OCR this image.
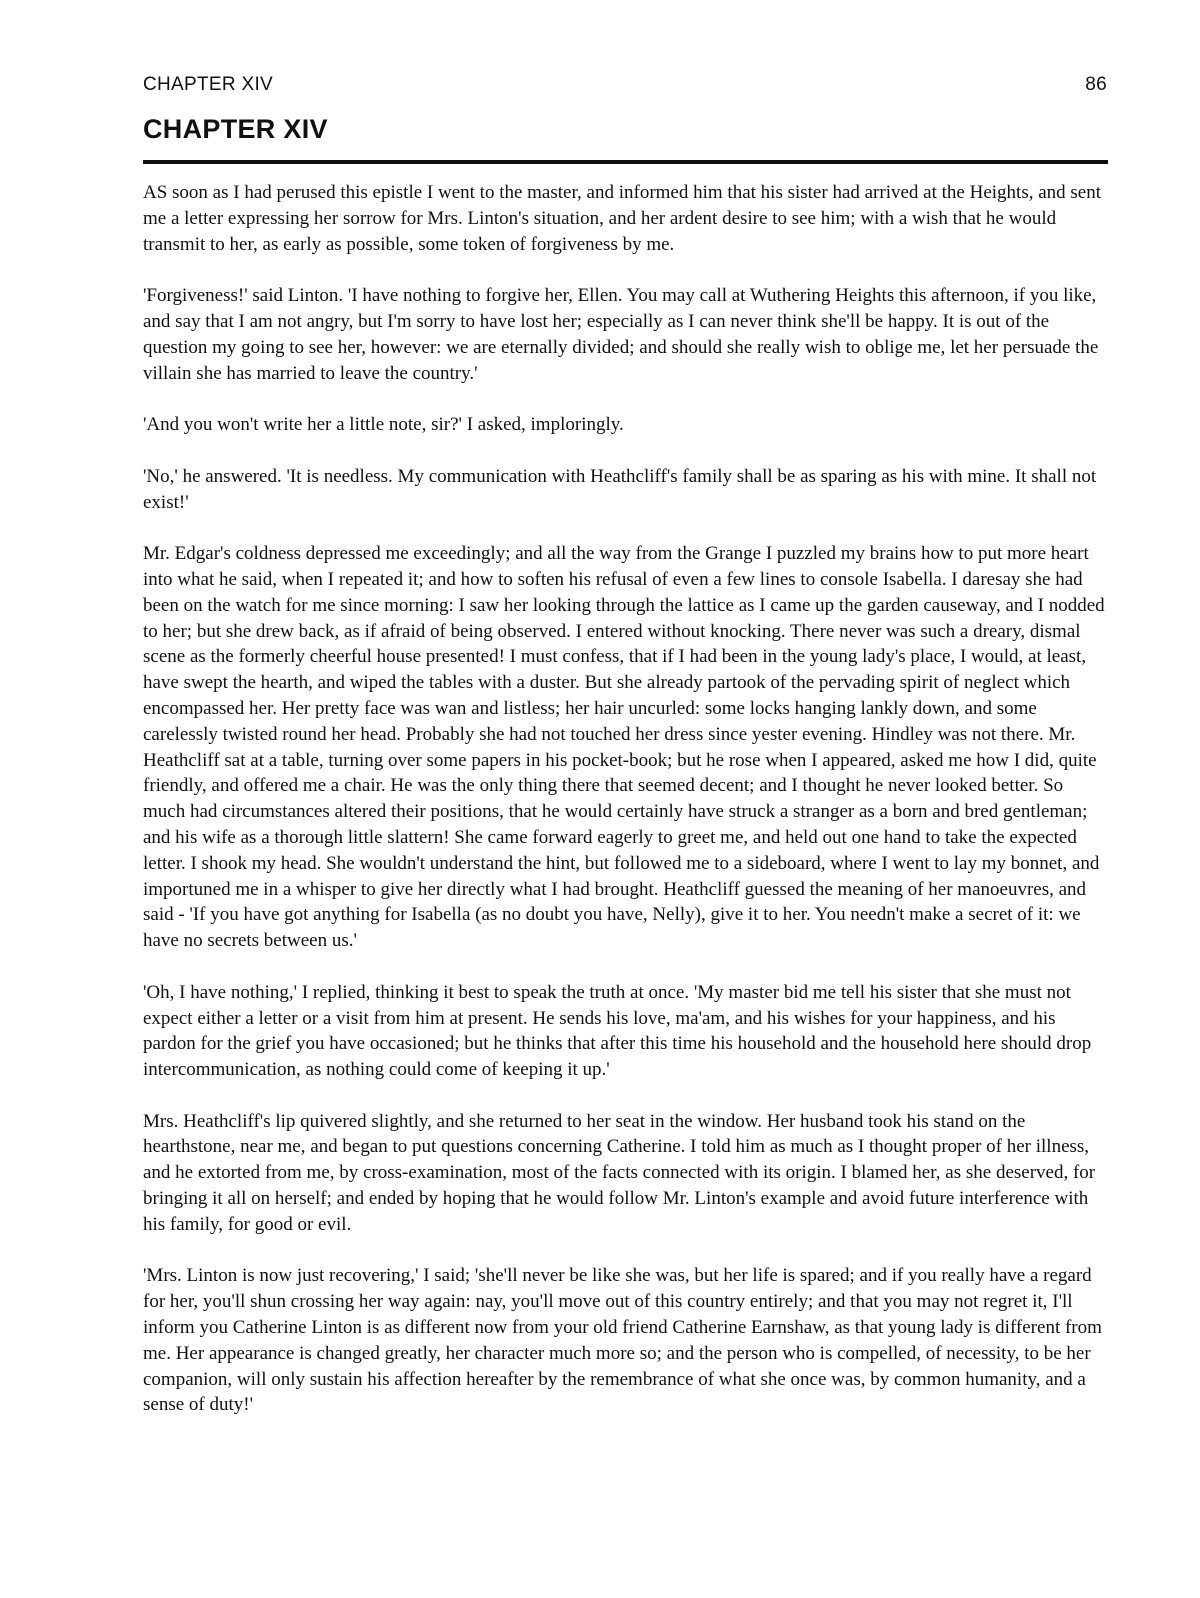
CHAPTER XIV	86
CHAPTER XIV

AS soon as I had perused this epistle I went to the master, and informed him that his sister had arrived at the Heights, and sent me a letter expressing her sorrow for Mrs. Linton's situation, and her ardent desire to see him; with a wish that he would transmit to her, as early as possible, some token of forgiveness by me.

'Forgiveness!' said Linton. 'I have nothing to forgive her, Ellen. You may call at Wuthering Heights this afternoon, if you like, and say that I am not angry, but I'm sorry to have lost her; especially as I can never think she'll be happy. It is out of the question my going to see her, however: we are eternally divided; and should she really wish to oblige me, let her persuade the villain she has married to leave the country.'

'And you won't write her a little note, sir?' I asked, imploringly.

'No,' he answered. 'It is needless. My communication with Heathcliff's family shall be as sparing as his with mine. It shall not exist!'

Mr. Edgar's coldness depressed me exceedingly; and all the way from the Grange I puzzled my brains how to put more heart into what he said, when I repeated it; and how to soften his refusal of even a few lines to console Isabella. I daresay she had been on the watch for me since morning: I saw her looking through the lattice as I came up the garden causeway, and I nodded to her; but she drew back, as if afraid of being observed. I entered without knocking. There never was such a dreary, dismal scene as the formerly cheerful house presented! I must confess, that if I had been in the young lady's place, I would, at least, have swept the hearth, and wiped the tables with a duster. But she already partook of the pervading spirit of neglect which encompassed her. Her pretty face was wan and listless; her hair uncurled: some locks hanging lankly down, and some carelessly twisted round her head. Probably she had not touched her dress since yester evening. Hindley was not there. Mr. Heathcliff sat at a table, turning over some papers in his pocket-book; but he rose when I appeared, asked me how I did, quite friendly, and offered me a chair. He was the only thing there that seemed decent; and I thought he never looked better. So much had circumstances altered their positions, that he would certainly have struck a stranger as a born and bred gentleman; and his wife as a thorough little slattern! She came forward eagerly to greet me, and held out one hand to take the expected letter. I shook my head. She wouldn't understand the hint, but followed me to a sideboard, where I went to lay my bonnet, and importuned me in a whisper to give her directly what I had brought. Heathcliff guessed the meaning of her manoeuvres, and said - 'If you have got anything for Isabella (as no doubt you have, Nelly), give it to her. You needn't make a secret of it: we have no secrets between us.'

'Oh, I have nothing,' I replied, thinking it best to speak the truth at once. 'My master bid me tell his sister that she must not expect either a letter or a visit from him at present. He sends his love, ma'am, and his wishes for your happiness, and his pardon for the grief you have occasioned; but he thinks that after this time his household and the household here should drop intercommunication, as nothing could come of keeping it up.'

Mrs. Heathcliff's lip quivered slightly, and she returned to her seat in the window. Her husband took his stand on the hearthstone, near me, and began to put questions concerning Catherine. I told him as much as I thought proper of her illness, and he extorted from me, by cross-examination, most of the facts connected with its origin. I blamed her, as she deserved, for bringing it all on herself; and ended by hoping that he would follow Mr. Linton's example and avoid future interference with his family, for good or evil.

'Mrs. Linton is now just recovering,' I said; 'she'll never be like she was, but her life is spared; and if you really have a regard for her, you'll shun crossing her way again: nay, you'll move out of this country entirely; and that you may not regret it, I'll inform you Catherine Linton is as different now from your old friend Catherine Earnshaw, as that young lady is different from me. Her appearance is changed greatly, her character much more so; and the person who is compelled, of necessity, to be her companion, will only sustain his affection hereafter by the remembrance of what she once was, by common humanity, and a sense of duty!'
